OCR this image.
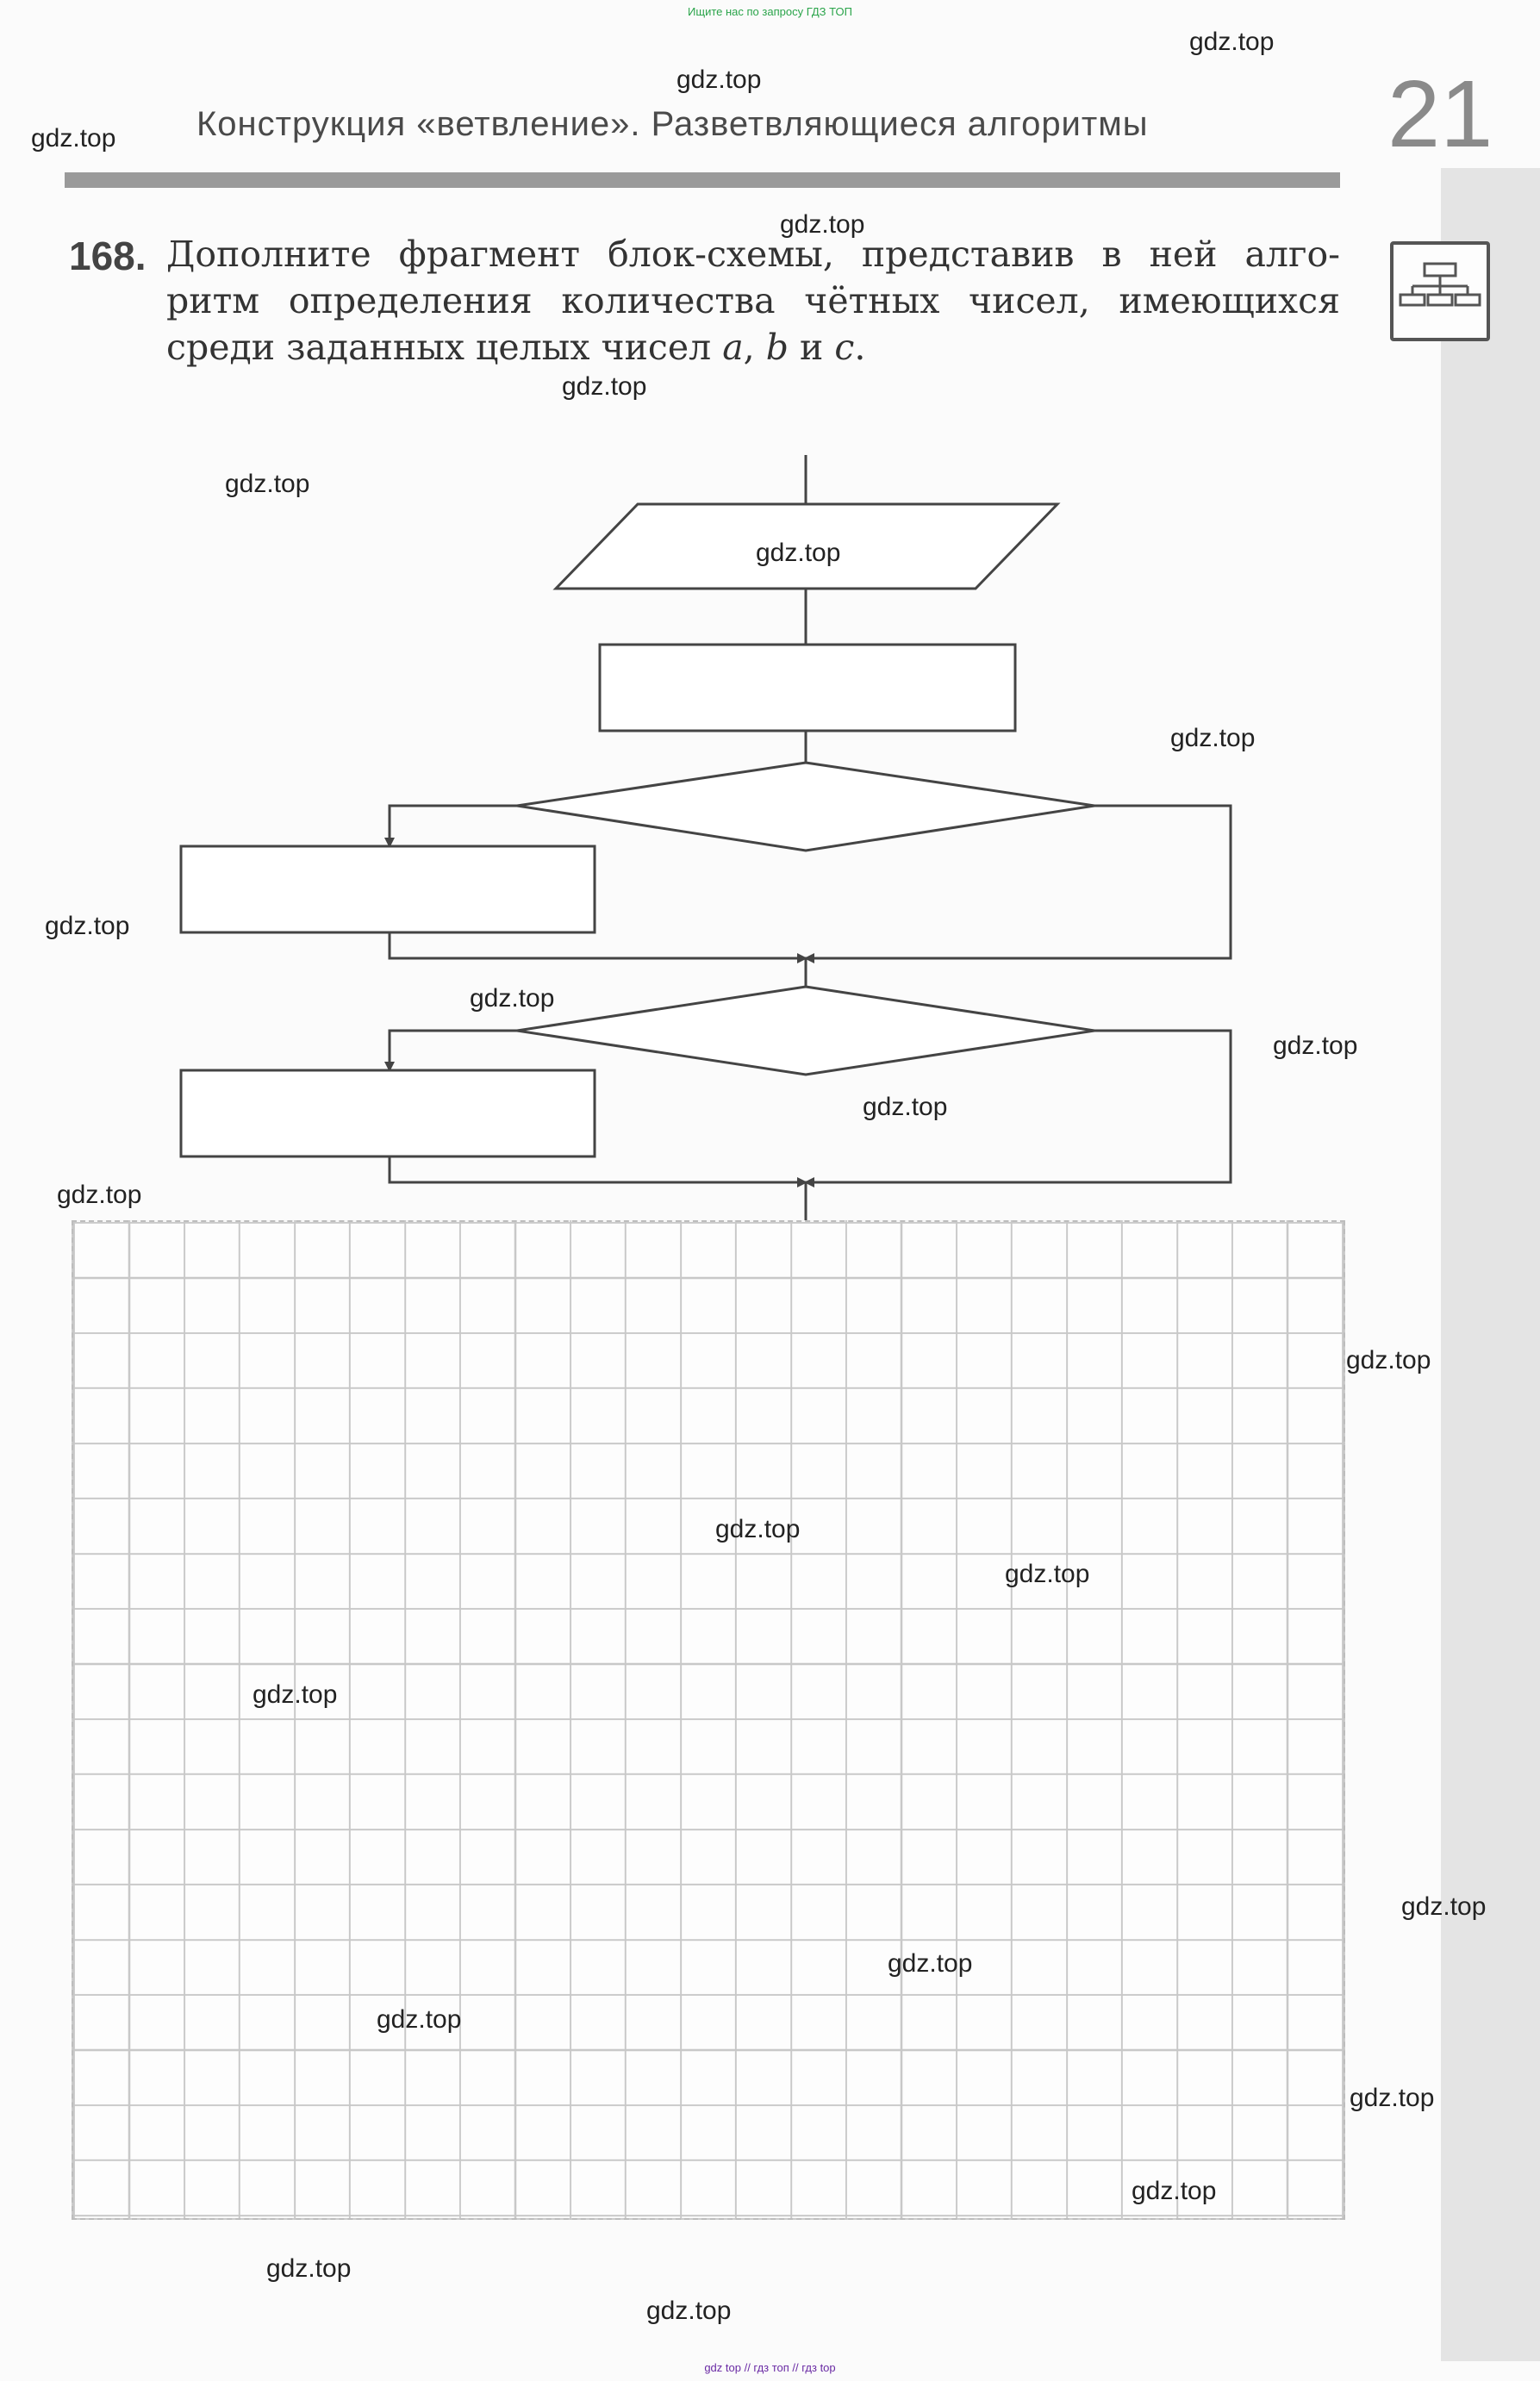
Ищите нас по запросу ГДЗ ТОП
Конструкция «ветвление». Разветвляющиеся алгоритмы	21
168. Дополните фрагмент блок-схемы, представив в ней алго-
ритм определения количества чётных чисел, имеющихся
среди заданных целых чисел a, b и c.
gdz.top
gdz.top
gdz.top
gdz.top
gdz.top
gdz.top
gdz.top
gdz.top
gdz.top
gdz.top
gdz.top
gdz.top
gdz.top
gdz.top
gdz.top
gdz.top
gdz.top
gdz.top
gdz.top
gdz.top
gdz.top
gdz.top
gdz.top
gdz.top
gdz top // гдз топ // гдз top
